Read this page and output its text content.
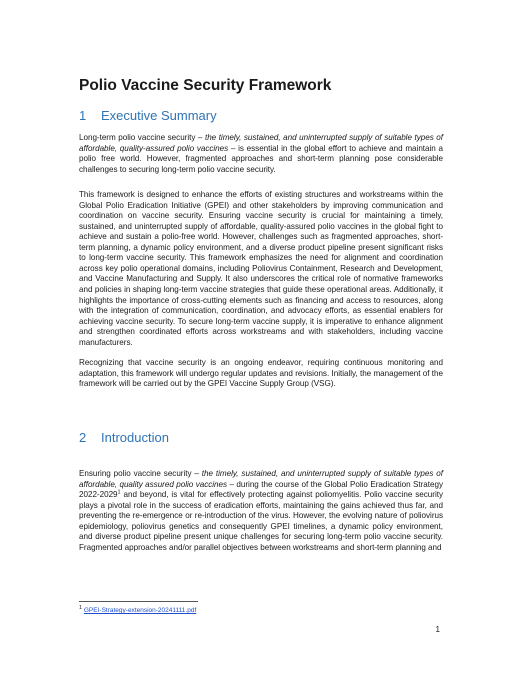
Polio Vaccine Security Framework
1 Executive Summary

Long-term polio vaccine security – the timely, sustained, and uninterrupted supply of suitable types of affordable, quality-assured polio vaccines – is essential in the global effort to achieve and maintain a polio free world. However, fragmented approaches and short-term planning pose considerable challenges to securing long-term polio vaccine security.

This framework is designed to enhance the efforts of existing structures and workstreams within the Global Polio Eradication Initiative (GPEI) and other stakeholders by improving communication and coordination on vaccine security. Ensuring vaccine security is crucial for maintaining a timely, sustained, and uninterrupted supply of affordable, quality-assured polio vaccines in the global fight to achieve and sustain a polio-free world. However, challenges such as fragmented approaches, short-term planning, a dynamic policy environment, and a diverse product pipeline present significant risks to long-term vaccine security. This framework emphasizes the need for alignment and coordination across key polio operational domains, including Poliovirus Containment, Research and Development, and Vaccine Manufacturing and Supply. It also underscores the critical role of normative frameworks and policies in shaping long-term vaccine strategies that guide these operational areas. Additionally, it highlights the importance of cross-cutting elements such as financing and access to resources, along with the integration of communication, coordination, and advocacy efforts, as essential enablers for achieving vaccine security. To secure long-term vaccine supply, it is imperative to enhance alignment and strengthen coordinated efforts across workstreams and with stakeholders, including vaccine manufacturers.

Recognizing that vaccine security is an ongoing endeavor, requiring continuous monitoring and adaptation, this framework will undergo regular updates and revisions. Initially, the management of the framework will be carried out by the GPEI Vaccine Supply Group (VSG).

2 Introduction

Ensuring polio vaccine security – the timely, sustained, and uninterrupted supply of suitable types of affordable, quality assured polio vaccines – during the course of the Global Polio Eradication Strategy 2022-2029$^1$ and beyond, is vital for effectively protecting against poliomyelitis. Polio vaccine security plays a pivotal role in the success of eradication efforts, maintaining the gains achieved thus far, and preventing the re-emergence or re-introduction of the virus. However, the evolving nature of poliovirus epidemiology, poliovirus genetics and consequently GPEI timelines, a dynamic policy environment, and diverse product pipeline present unique challenges for securing long-term polio vaccine security. Fragmented approaches and/or parallel objectives between workstreams and short-term planning and

$^1$ GPEI-Strategy-extension-20241111.pdf
1
